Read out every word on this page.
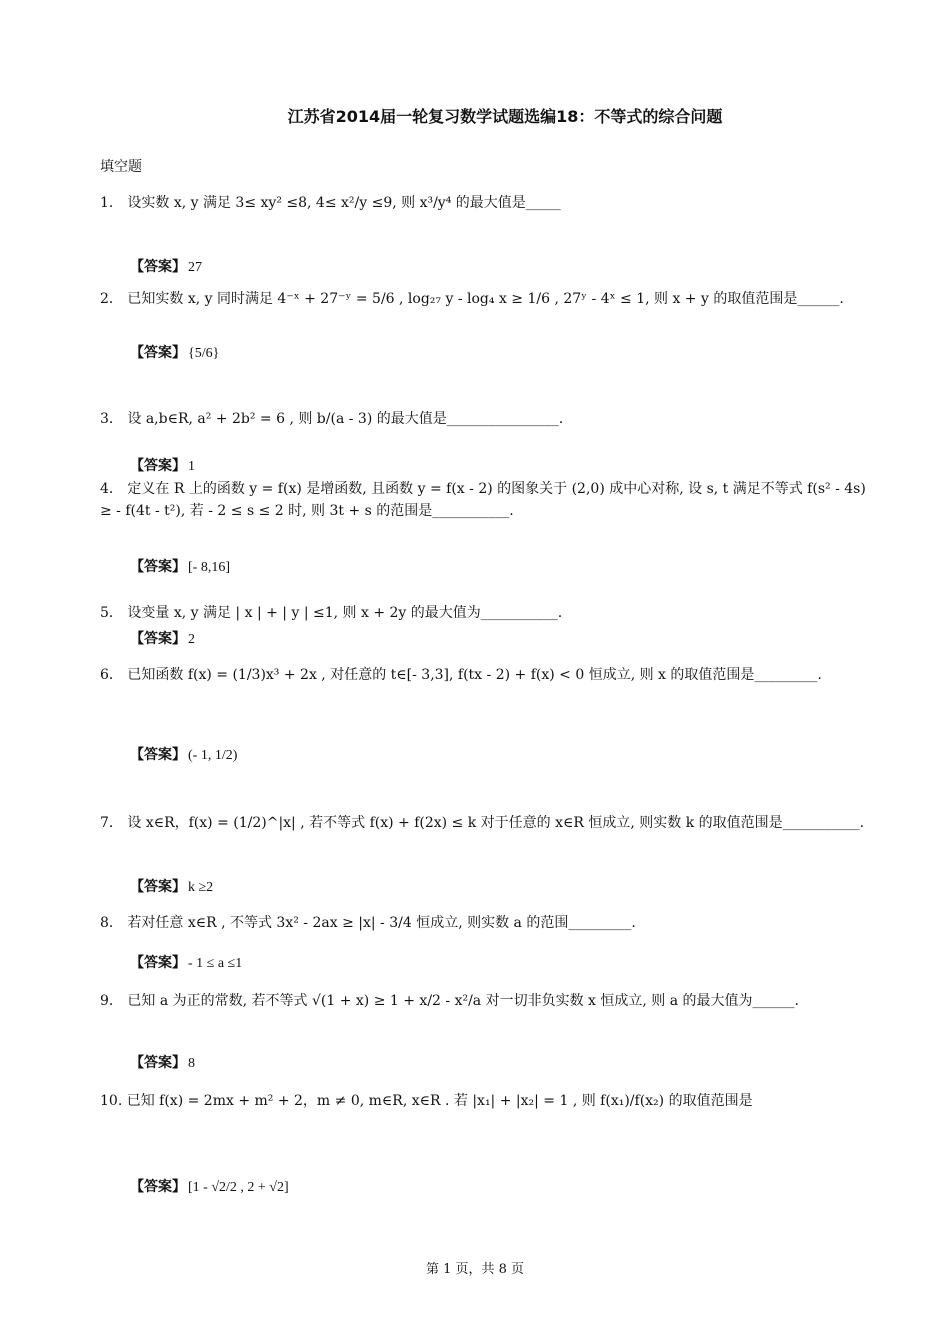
江苏省2014届一轮复习数学试题选编18：不等式的综合问题
填空题
1． 设实数 x, y 满足 3≤ xy² ≤8, 4≤ x²/y ≤9, 则 x³/y⁴ 的最大值是_____
【答案】 27
2． 已知实数 x, y 同时满足 4⁻ˣ + 27⁻ʸ = 5/6 , log₂₇ y - log₄ x ≥ 1/6 , 27ʸ - 4ˣ ≤ 1, 则 x + y 的取值范围是______.
【答案】 {5/6}
3． 设 a,b∈R, a² + 2b² = 6 , 则 b/(a - 3) 的最大值是________________.
【答案】 1
4． 定义在 R 上的函数 y = f(x) 是增函数, 且函数 y = f(x - 2) 的图象关于 (2,0) 成中心对称, 设 s, t 满足不等式 f(s² - 4s) ≥ - f(4t - t²), 若 - 2 ≤ s ≤ 2 时, 则 3t + s 的范围是___________.
【答案】 [- 8,16]
5． 设变量 x, y 满足 | x | + | y | ≤1, 则 x + 2y 的最大值为___________.
【答案】 2
6． 已知函数 f(x) = (1/3)x³ + 2x , 对任意的 t∈[- 3,3], f(tx - 2) + f(x) < 0 恒成立, 则 x 的取值范围是_________.
【答案】 (- 1, 1/2)
7． 设 x∈R，f(x) = (1/2)^|x| , 若不等式 f(x) + f(2x) ≤ k 对于任意的 x∈R 恒成立, 则实数 k 的取值范围是___________.
【答案】 k ≥2
8． 若对任意 x∈R , 不等式 3x² - 2ax ≥ |x| - 3/4 恒成立, 则实数 a 的范围_________.
【答案】 - 1 ≤ a ≤1
9． 已知 a 为正的常数, 若不等式 √(1 + x) ≥ 1 + x/2 - x²/a 对一切非负实数 x 恒成立, 则 a 的最大值为______.
【答案】 8
10. 已知 f(x) = 2mx + m² + 2，m ≠ 0, m∈R, x∈R . 若 |x₁| + |x₂| = 1 , 则 f(x₁)/f(x₂) 的取值范围是
【答案】 [1 - √2/2 , 2 + √2]
第 1 页，共 8 页
